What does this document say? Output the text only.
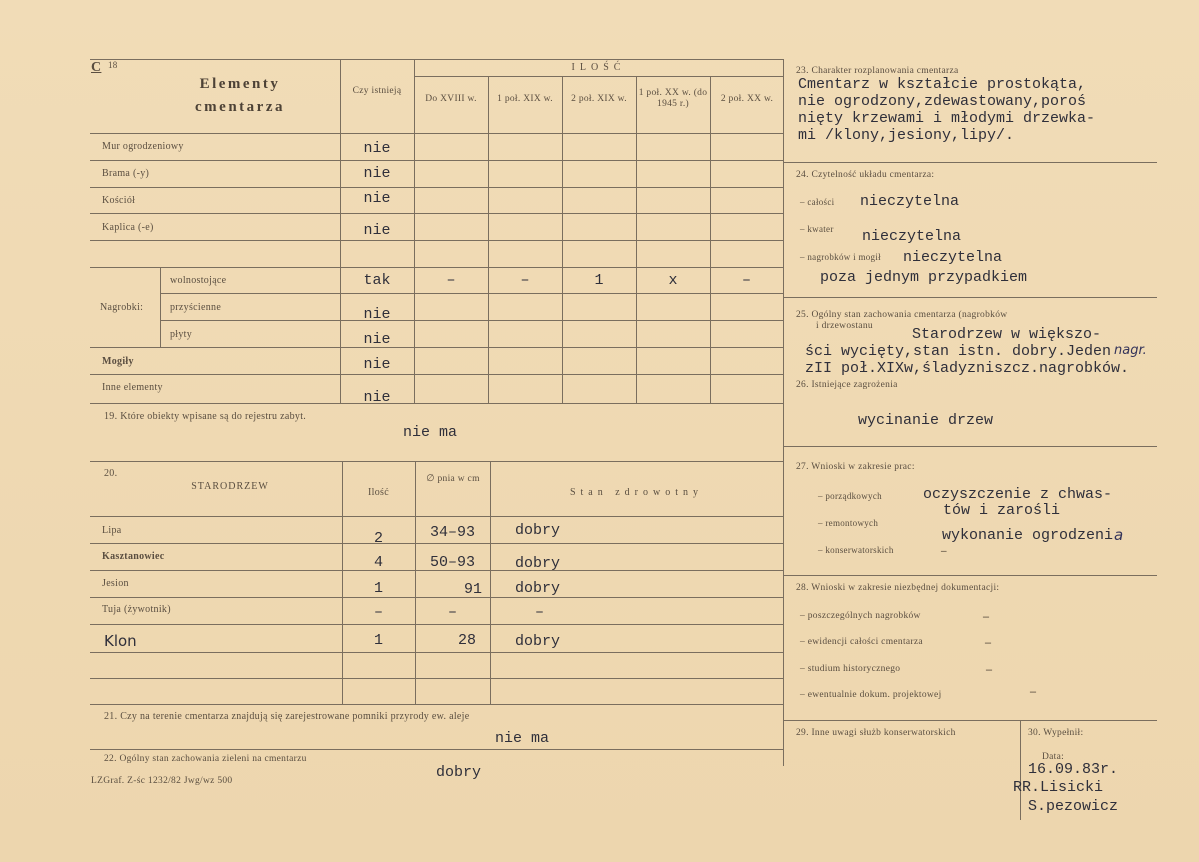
C 18
Elementy
cmentarza
Czy istnieją
ILOŚĆ
Do XVIII w.	1 poł. XIX w.	2 poł. XIX w.
1 poł. XX w. (do 1945 r.)	2 poł. XX w.
Mur ogrodzeniowy	nie
Brama (-y)	nie
Kościół	nie
Kaplica (-e)	nie
Nagrobki:
wolnostojące	tak	–	–	1	x	–
przyścienne	nie
płyty	nie
Mogiły	nie
Inne elementy
nie
19. Które obiekty wpisane są do rejestru zabyt.
nie ma
20.
STARODRZEW
Ilość
∅ pnia w cm
Stan zdrowotny
Lipa	2	34–93	dobry
Kasztanowiec	4	50–93	dobry
Jesion	1	91 dobry
Tuja (żywotnik)	–	–	–
Klon	1	28	dobry
21. Czy na terenie cmentarza znajdują się zarejestrowane pomniki przyrody ew. aleje
nie ma
22. Ogólny stan zachowania zieleni na cmentarzu
dobry
LZGraf. Z-śc 1232/82 Jwg/wz 500
23. Charakter rozplanowania cmentarza
Cmentarz w kształcie prostokąta,
nie ogrodzony,zdewastowany,poroś
nięty krzewami i młodymi drzewka-
mi /klony,jesiony,lipy/.
24. Czytelność układu cmentarza:
– całości nieczytelna
– kwater nieczytelna
– nagrobków i mogił nieczytelna
poza jednym przypadkiem
25. Ogólny stan zachowania cmentarza (nagrobków
i drzewostanu	Starodrzew w większo-
ści wycięty,stan istn. dobry.Jeden nagr.
zII poł.XIXw,śladyzniszcz.nagrobków.
26. Istniejące zagrożenia
wycinanie drzew
27. Wnioski w zakresie prac:
– porządkowych	oczyszczenie z chwas-
tów i zarośli
– remontowych
wykonanie ogrodzeni a
– konserwatorskich	–
28. Wnioski w zakresie niezbędnej dokumentacji:
– poszczególnych nagrobków	–
– ewidencji całości cmentarza	–
– studium historycznego	–
– ewentualnie dokum. projektowej	–
29. Inne uwagi służb konserwatorskich	30. Wypełnił:
Data:
16.09.83r.
RR.Lisicki
S.pezowicz
